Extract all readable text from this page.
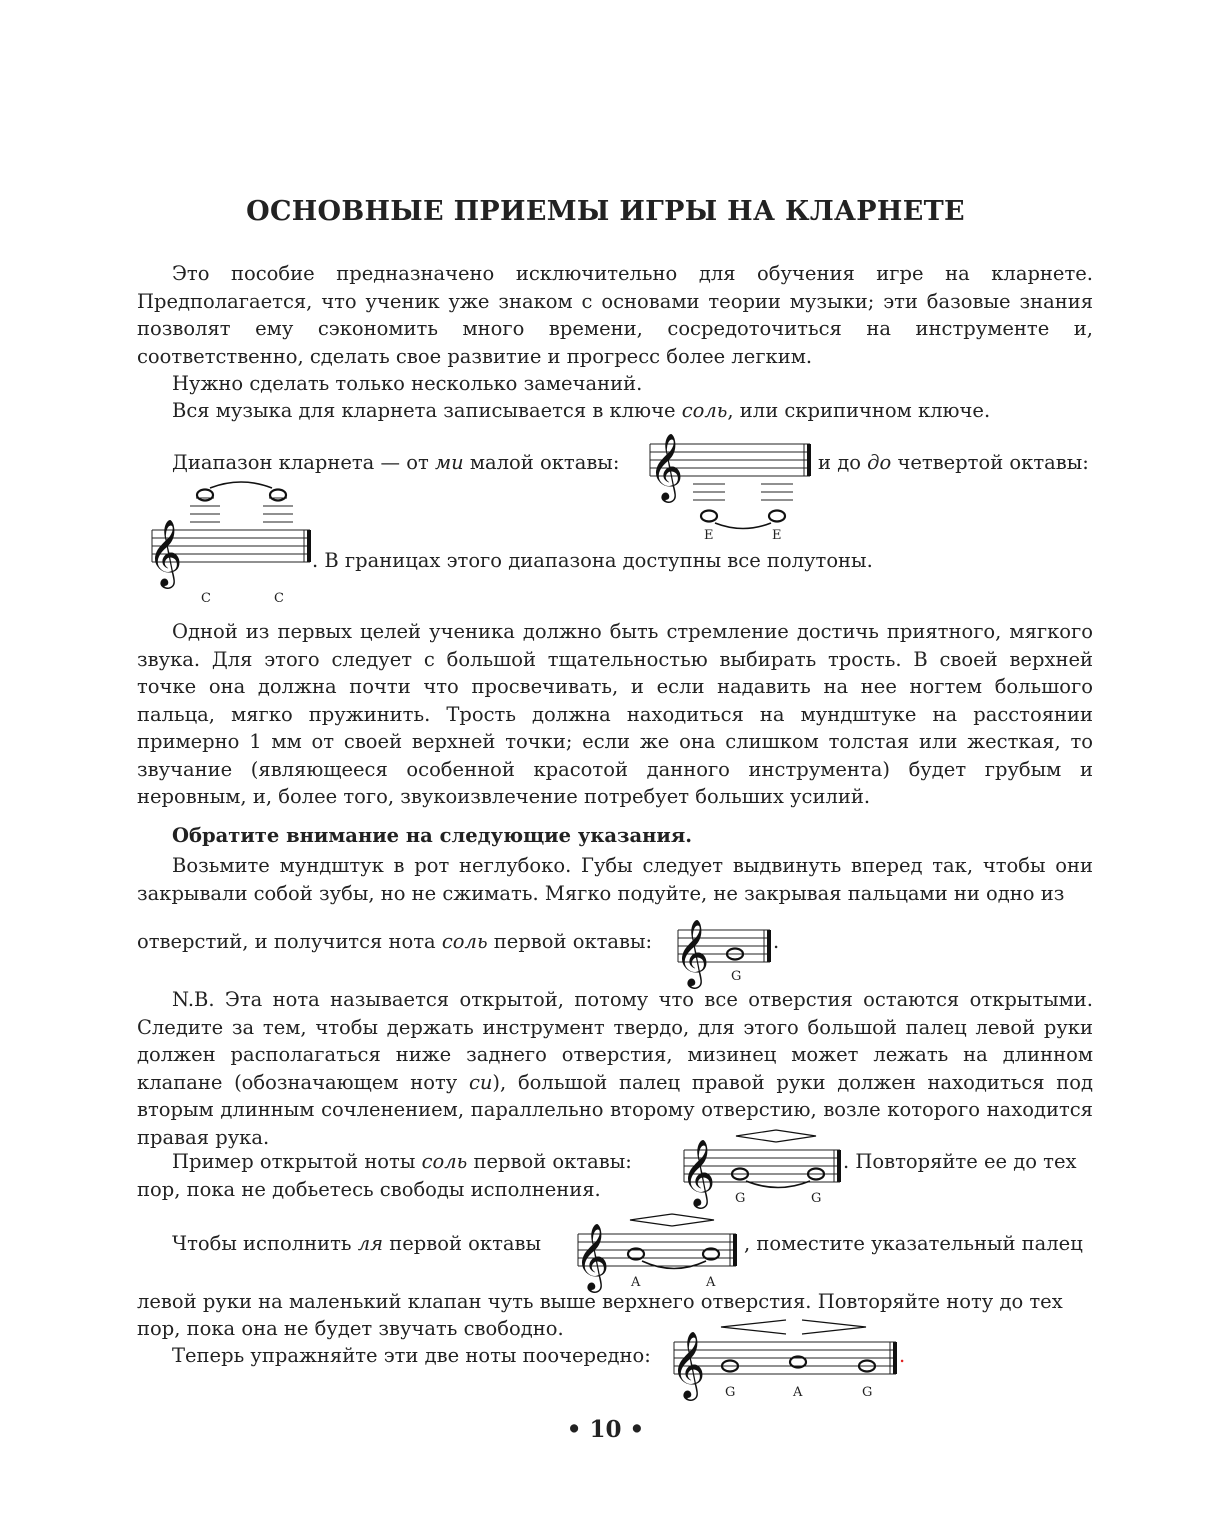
ОСНОВНЫЕ ПРИЕМЫ ИГРЫ НА КЛАРНЕТЕ

Это пособие предназначено исключительно для обучения игре на кларнете. Предполагается, что ученик уже знаком с основами теории музыки; эти базовые знания позволят ему сэкономить много времени, сосредоточиться на инструменте и, соответственно, сделать свое развитие и прогресс более легким.

Нужно сделать только несколько замечаний.

Вся музыка для кларнета записывается в ключе соль, или скрипичном ключе.

Диапазон кларнета — от ми малой октавы: 𝄞
E	E

и до до четвертой октавы:

𝄞
C	C

. В границах этого диапазона доступны все полутоны.

Одной из первых целей ученика должно быть стремление достичь приятного, мягкого звука. Для этого следует с большой тщательностью выбирать трость. В своей верхней точке она должна почти что просвечивать, и если надавить на нее ногтем большого пальца, мягко пружинить. Трость должна находиться на мундштуке на расстоянии примерно 1 мм от своей верхней точки; если же она слишком толстая или жесткая, то звучание (являющееся особенной красотой данного инструмента) будет грубым и неровным, и, более того, звукоизвлечение потребует больших усилий.

Обратите внимание на следующие указания.

Возьмите мундштук в рот неглубоко. Губы следует выдвинуть вперед так, чтобы они закрывали собой зубы, но не сжимать. Мягко подуйте, не закрывая пальцами ни одно из

отверстий, и получится нота соль первой октавы: 𝄞 G

.

N.B. Эта нота называется открытой, потому что все отверстия остаются открытыми. Следите за тем, чтобы держать инструмент твердо, для этого большой палец левой руки должен располагаться ниже заднего отверстия, мизинец может лежать на длинном клапане (обозначающем ноту си), большой палец правой руки должен находиться под вторым длинным сочленением, параллельно второму отверстию, возле которого находится правая рука.

Пример открытой ноты соль первой октавы: 𝄞 G	G

. Повторяйте ее до тех

пор, пока не добьетесь свободы исполнения.

Чтобы исполнить ля первой октавы 𝄞 A	A

, поместите указательный палец

левой руки на маленький клапан чуть выше верхнего отверстия. Повторяйте ноту до тех

пор, пока она не будет звучать свободно.

Теперь упражняйте эти две ноты поочередно: 𝄞 G	A	G

.

• 10 •
